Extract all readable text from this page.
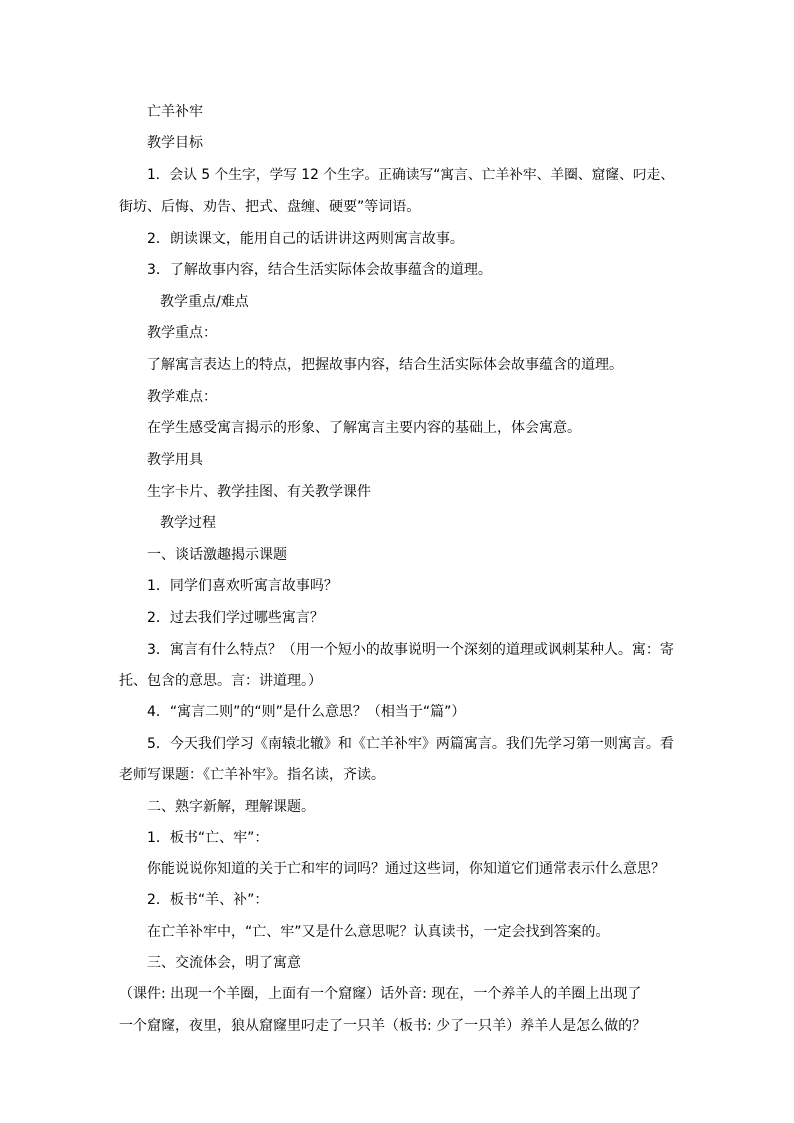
亡羊补牢
教学目标
1．会认 5 个生字，学写 12 个生字。正确读写“寓言、亡羊补牢、羊圈、窟窿、叼走、
街坊、后悔、劝告、把式、盘缠、硬要”等词语。
2．朗读课文，能用自己的话讲讲这两则寓言故事。
3．了解故事内容，结合生活实际体会故事蕴含的道理。
教学重点/难点
教学重点：
了解寓言表达上的特点，把握故事内容，结合生活实际体会故事蕴含的道理。
教学难点：
在学生感受寓言揭示的形象、了解寓言主要内容的基础上，体会寓意。
教学用具
生字卡片、教学挂图、有关教学课件
教学过程
一、谈话激趣揭示课题
1．同学们喜欢听寓言故事吗？
2．过去我们学过哪些寓言？
3．寓言有什么特点？（用一个短小的故事说明一个深刻的道理或讽刺某种人。寓：寄
托、包含的意思。言：讲道理。）
4．“寓言二则”的“则”是什么意思？（相当于“篇”）
5．今天我们学习《南辕北辙》和《亡羊补牢》两篇寓言。我们先学习第一则寓言。看
老师写课题：《亡羊补牢》。指名读，齐读。
二、熟字新解，理解课题。
1．板书“亡、牢”：
你能说说你知道的关于亡和牢的词吗？通过这些词，你知道它们通常表示什么意思？
2．板书“羊、补”：
在亡羊补牢中，“亡、牢”又是什么意思呢？认真读书，一定会找到答案的。
三、交流体会，明了寓意
（课件: 出现一个羊圈，上面有一个窟窿）话外音: 现在，一个养羊人的羊圈上出现了
一个窟窿，夜里，狼从窟窿里叼走了一只羊（板书: 少了一只羊）养羊人是怎么做的？
